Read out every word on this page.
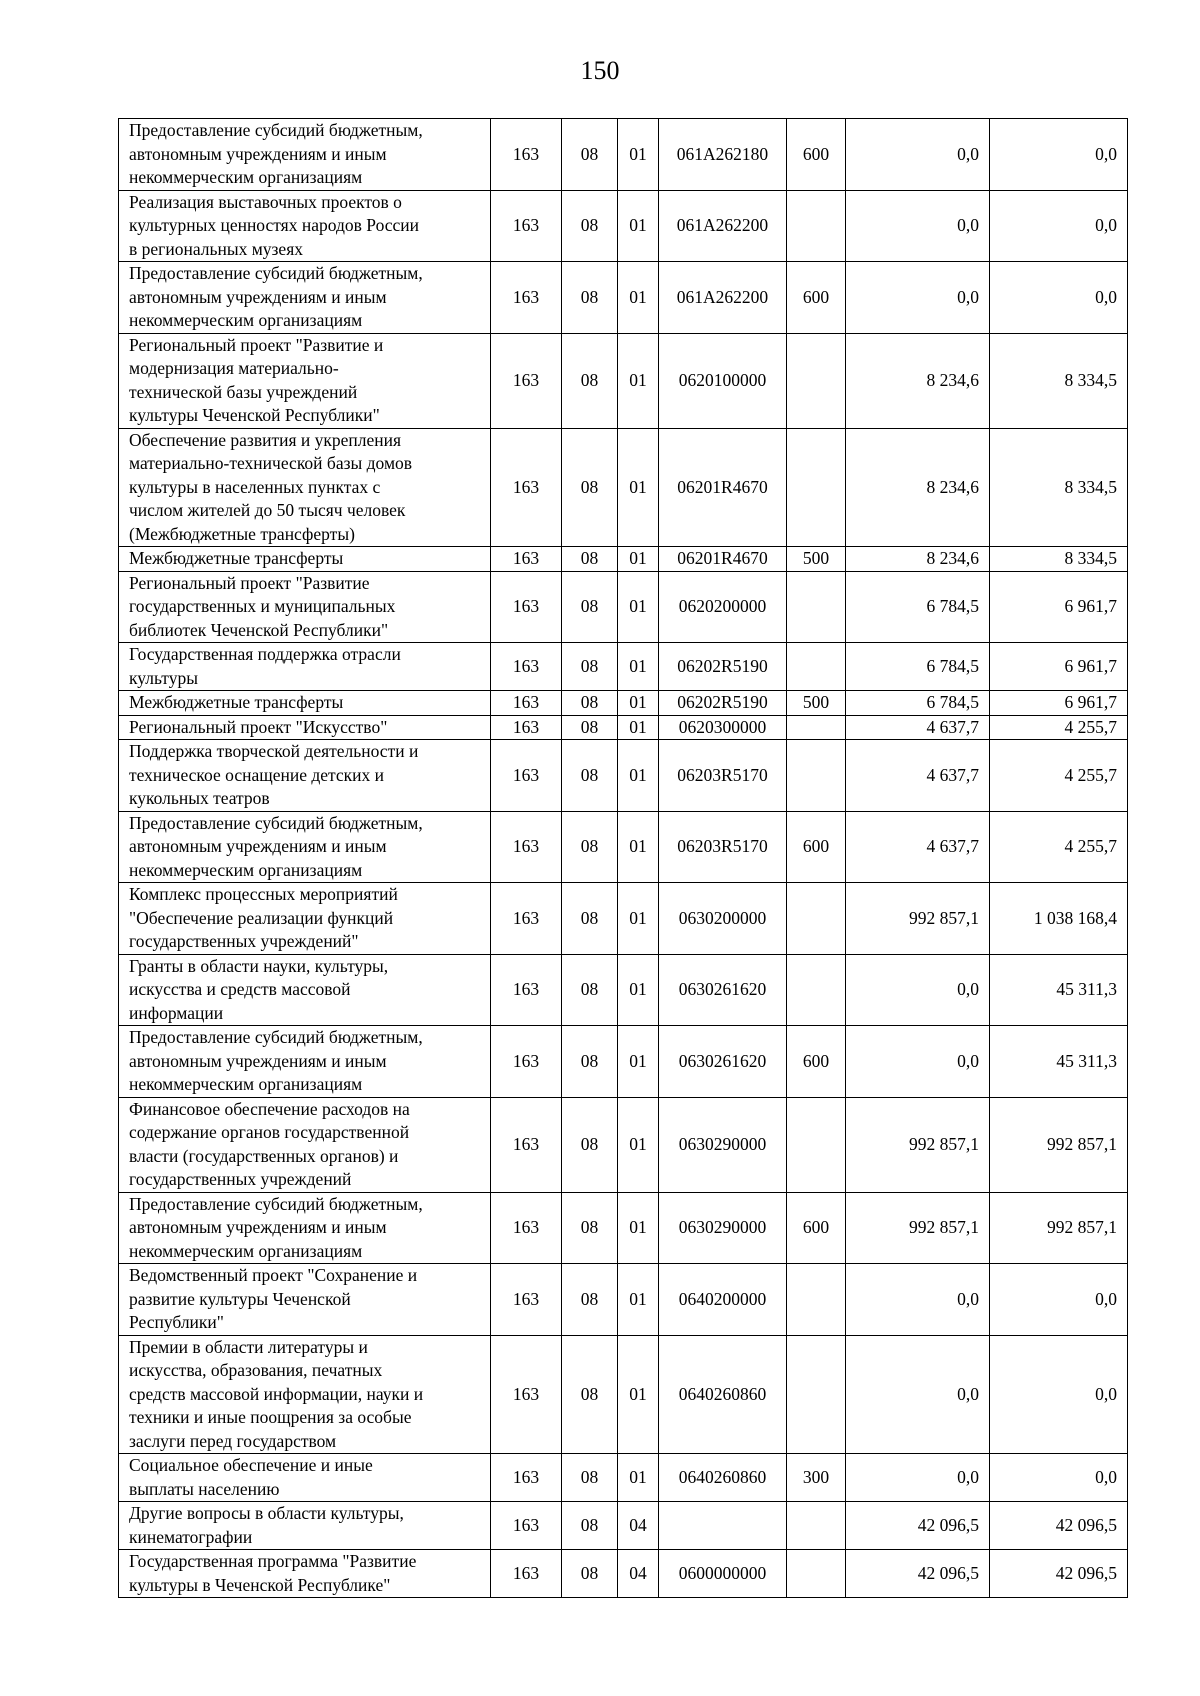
150
Предоставление субсидий бюджетным,
автономным учреждениям и иным
некоммерческим организациям	163	08	01	061A262180	600	0,0	0,0
Реализация выставочных проектов о
культурных ценностях народов России
в региональных музеях	163	08	01	061A262200		0,0	0,0
Предоставление субсидий бюджетным,
автономным учреждениям и иным
некоммерческим организациям	163	08	01	061A262200	600	0,0	0,0
Региональный проект "Развитие и
модернизация материально-
технической базы учреждений
культуры Чеченской Республики"	163	08	01	0620100000		8 234,6	8 334,5
Обеспечение развития и укрепления
материально-технической базы домов
культуры в населенных пунктах с
числом жителей до 50 тысяч человек
(Межбюджетные трансферты)	163	08	01	06201R4670		8 234,6	8 334,5
Межбюджетные трансферты	163	08	01	06201R4670	500	8 234,6	8 334,5
Региональный проект "Развитие
государственных и муниципальных
библиотек Чеченской Республики"	163	08	01	0620200000		6 784,5	6 961,7
Государственная поддержка отрасли
культуры	163	08	01	06202R5190		6 784,5	6 961,7
Межбюджетные трансферты	163	08	01	06202R5190	500	6 784,5	6 961,7
Региональный проект "Искусство"	163	08	01	0620300000		4 637,7	4 255,7
Поддержка творческой деятельности и
техническое оснащение детских и
кукольных театров	163	08	01	06203R5170		4 637,7	4 255,7
Предоставление субсидий бюджетным,
автономным учреждениям и иным
некоммерческим организациям	163	08	01	06203R5170	600	4 637,7	4 255,7
Комплекс процессных мероприятий
"Обеспечение реализации функций
государственных учреждений"	163	08	01	0630200000		992 857,1	1 038 168,4
Гранты в области науки, культуры,
искусства и средств массовой
информации	163	08	01	0630261620		0,0	45 311,3
Предоставление субсидий бюджетным,
автономным учреждениям и иным
некоммерческим организациям	163	08	01	0630261620	600	0,0	45 311,3
Финансовое обеспечение расходов на
содержание органов государственной
власти (государственных органов) и
государственных учреждений	163	08	01	0630290000		992 857,1	992 857,1
Предоставление субсидий бюджетным,
автономным учреждениям и иным
некоммерческим организациям	163	08	01	0630290000	600	992 857,1	992 857,1
Ведомственный проект "Сохранение и
развитие культуры Чеченской
Республики"	163	08	01	0640200000		0,0	0,0
Премии в области литературы и
искусства, образования, печатных
средств массовой информации, науки и
техники и иные поощрения за особые
заслуги перед государством	163	08	01	0640260860		0,0	0,0
Социальное обеспечение и иные
выплаты населению	163	08	01	0640260860	300	0,0	0,0
Другие вопросы в области культуры,
кинематографии	163	08	04			42 096,5	42 096,5
Государственная программа "Развитие
культуры в Чеченской Республике"	163	08	04	0600000000		42 096,5	42 096,5
